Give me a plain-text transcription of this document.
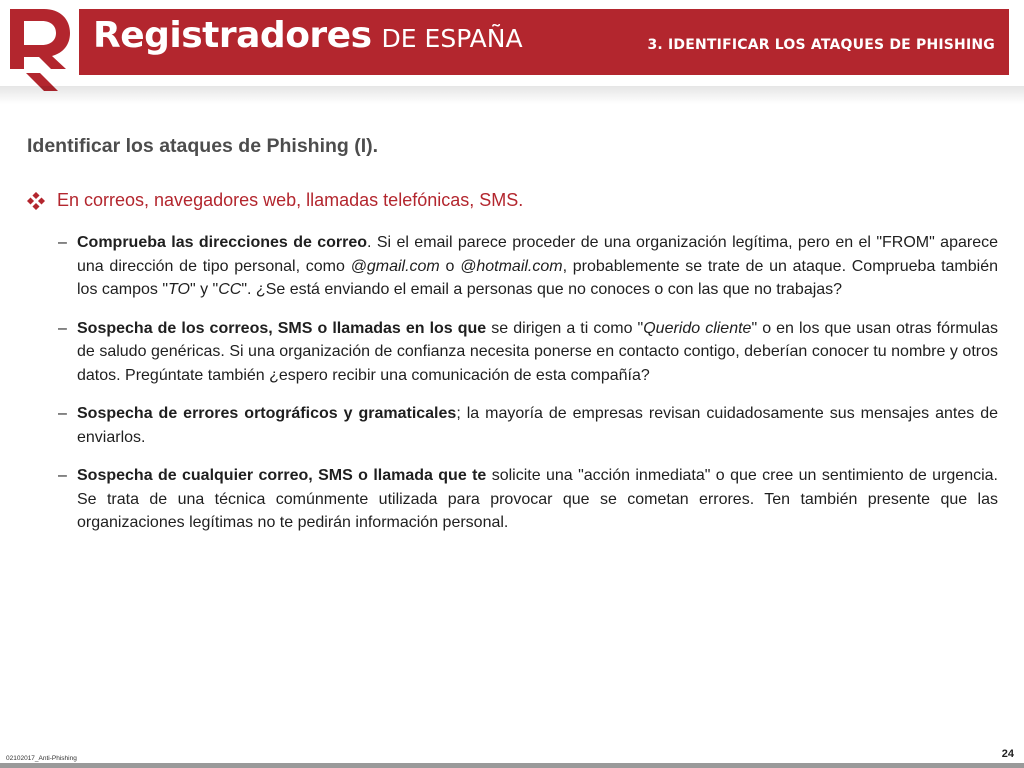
Registradores DE ESPAÑA	3. IDENTIFICAR LOS ATAQUES DE PHISHING
Identificar los ataques de Phishing (I).
En correos, navegadores web, llamadas telefónicas, SMS.
– Comprueba las direcciones de correo. Si el email parece proceder de una organización legítima, pero en el "FROM" aparece una dirección de tipo personal, como @gmail.com o @hotmail.com, probablemente se trate de un ataque. Comprueba también los campos "TO" y "CC". ¿Se está enviando el email a personas que no conoces o con las que no trabajas?
– Sospecha de los correos, SMS o llamadas en los que se dirigen a ti como "Querido cliente" o en los que usan otras fórmulas de saludo genéricas. Si una organización de confianza necesita ponerse en contacto contigo, deberían conocer tu nombre y otros datos. Pregúntate también ¿espero recibir una comunicación de esta compañía?
– Sospecha de errores ortográficos y gramaticales; la mayoría de empresas revisan cuidadosamente sus mensajes antes de enviarlos.
– Sospecha de cualquier correo, SMS o llamada que te solicite una "acción inmediata" o que cree un sentimiento de urgencia. Se trata de una técnica comúnmente utilizada para provocar que se cometan errores. Ten también presente que las organizaciones legítimas no te pedirán información personal.
02102017_Anti-Phishing	24
